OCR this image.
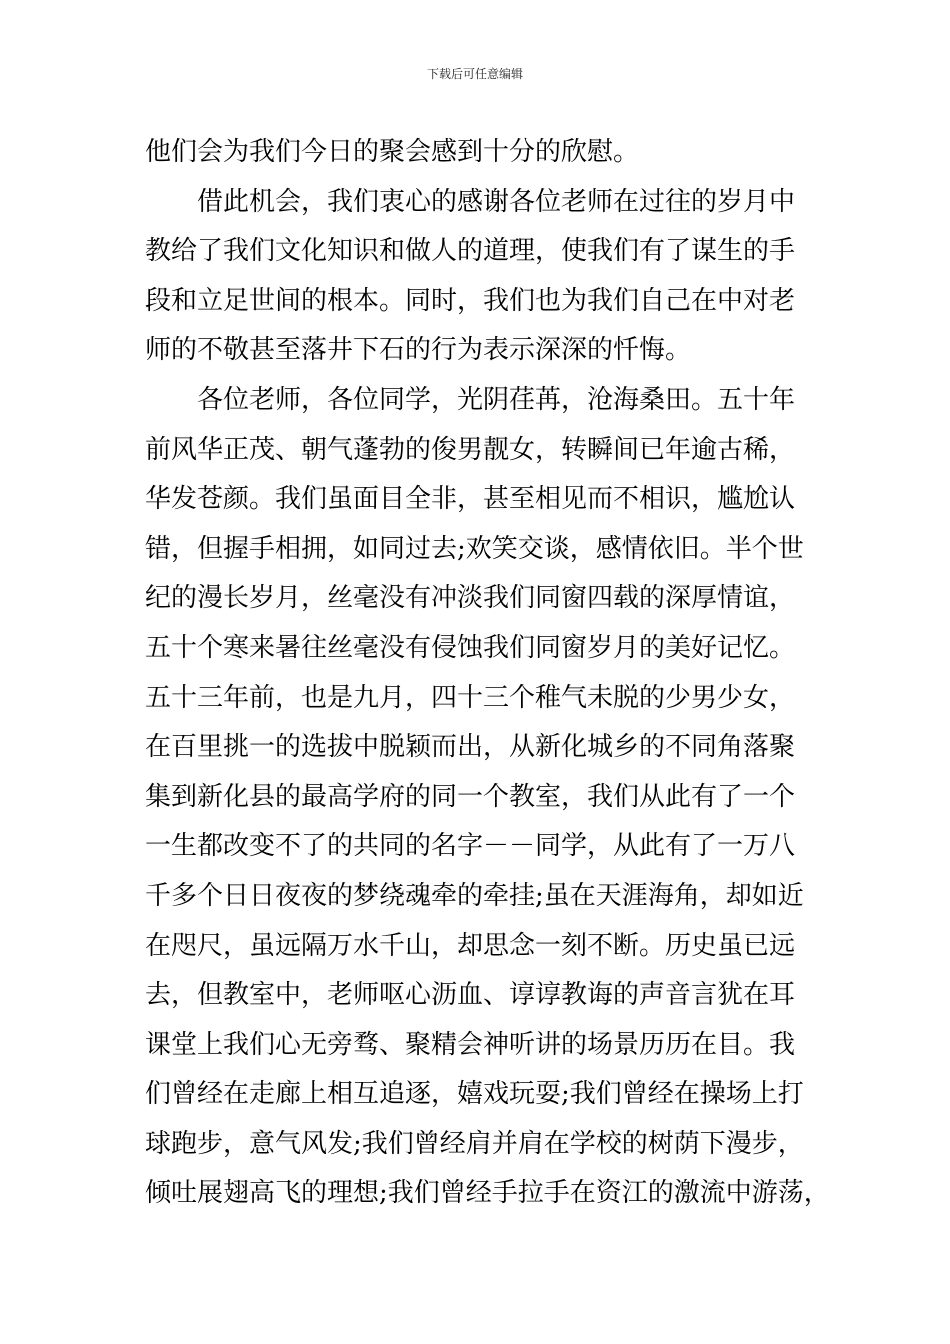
下载后可任意编辑
他们会为我们今日的聚会感到十分的欣慰。
　　借此机会，我们衷心的感谢各位老师在过往的岁月中
教给了我们文化知识和做人的道理，使我们有了谋生的手
段和立足世间的根本。同时，我们也为我们自己在中对老
师的不敬甚至落井下石的行为表示深深的忏悔。
　　各位老师，各位同学，光阴荏苒，沧海桑田。五十年
前风华正茂、朝气蓬勃的俊男靓女，转瞬间已年逾古稀，
华发苍颜。我们虽面目全非，甚至相见而不相识，尴尬认
错，但握手相拥，如同过去;欢笑交谈，感情依旧。半个世
纪的漫长岁月，丝毫没有冲淡我们同窗四载的深厚情谊，
五十个寒来暑往丝毫没有侵蚀我们同窗岁月的美好记忆。
五十三年前，也是九月，四十三个稚气未脱的少男少女，
在百里挑一的选拔中脱颖而出，从新化城乡的不同角落聚
集到新化县的最高学府的同一个教室，我们从此有了一个
一生都改变不了的共同的名字－－同学，从此有了一万八
千多个日日夜夜的梦绕魂牵的牵挂;虽在天涯海角，却如近
在咫尺，虽远隔万水千山，却思念一刻不断。历史虽已远
去，但教室中，老师呕心沥血、谆谆教诲的声音言犹在耳
课堂上我们心无旁骛、聚精会神听讲的场景历历在目。我
们曾经在走廊上相互追逐，嬉戏玩耍;我们曾经在操场上打
球跑步，意气风发;我们曾经肩并肩在学校的树荫下漫步，
倾吐展翅高飞的理想;我们曾经手拉手在资江的激流中游荡，
